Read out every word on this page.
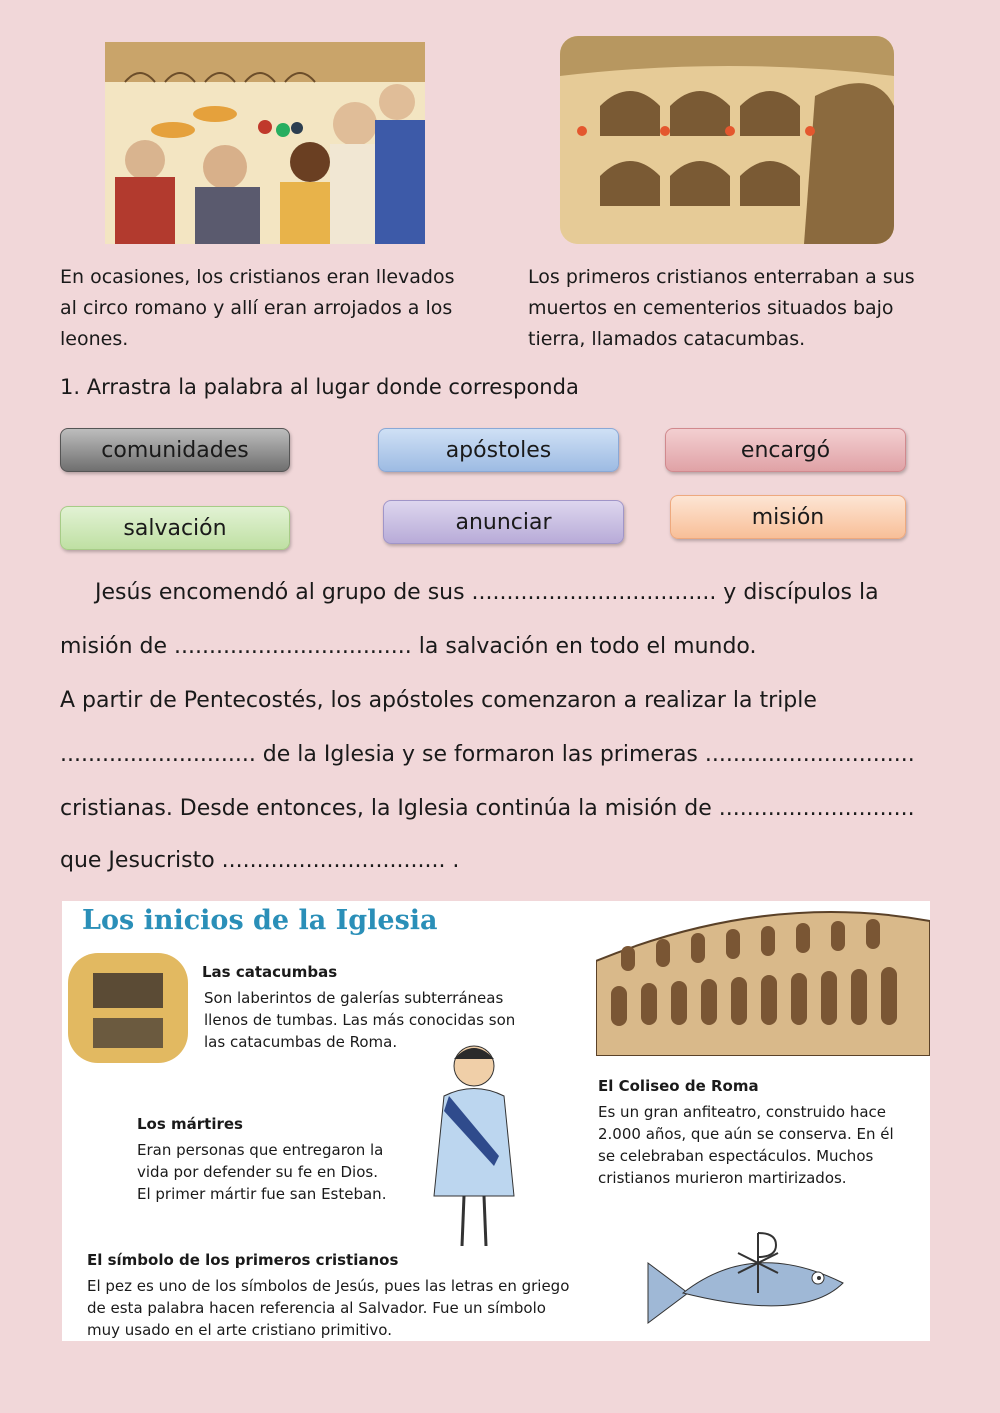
En ocasiones, los cristianos eran llevados
al circo romano y allí eran arrojados a los
leones.
Los primeros cristianos enterraban a sus
muertos en cementerios situados bajo
tierra, llamados catacumbas.
1. Arrastra la palabra al lugar donde corresponda
comunidades	apóstoles	encargó
salvación	anunciar	misión
Jesús encomendó al grupo de sus ................................... y discípulos la
misión de .................................. la salvación en todo el mundo.
A partir de Pentecostés, los apóstoles comenzaron a realizar la triple
............................ de la Iglesia y se formaron las primeras ..............................
cristianas. Desde entonces, la Iglesia continúa la misión de ............................
que Jesucristo ................................ .
Los inicios de la Iglesia
Las catacumbas
Son laberintos de galerías subterráneas
llenos de tumbas. Las más conocidas son
las catacumbas de Roma.
Los mártires
Eran personas que entregaron la
vida por defender su fe en Dios.
El primer mártir fue san Esteban.
El Coliseo de Roma
Es un gran anfiteatro, construido hace
2.000 años, que aún se conserva. En él
se celebraban espectáculos. Muchos
cristianos murieron martirizados.
El símbolo de los primeros cristianos
El pez es uno de los símbolos de Jesús, pues las letras en griego
de esta palabra hacen referencia al Salvador. Fue un símbolo
muy usado en el arte cristiano primitivo.
